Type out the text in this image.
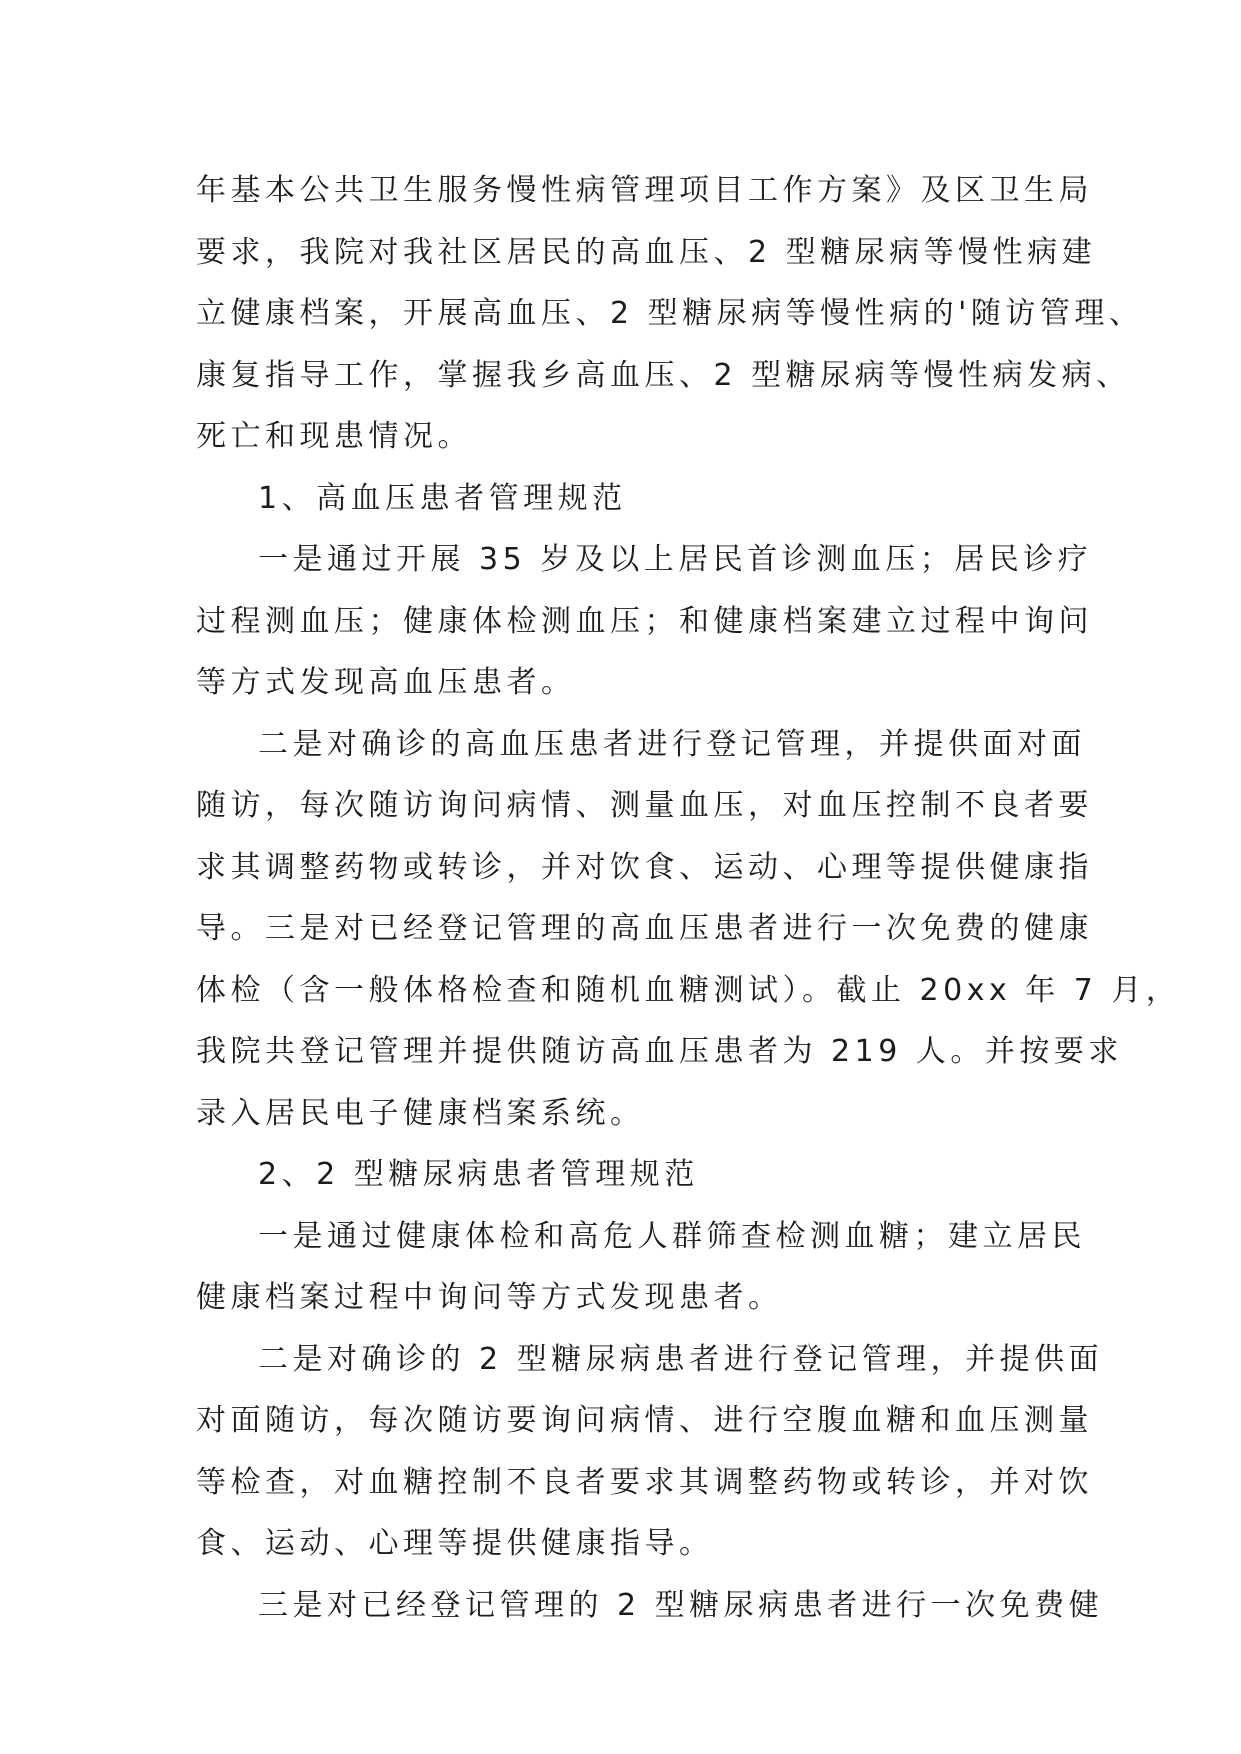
年基本公共卫生服务慢性病管理项目工作方案》及区卫生局
要求，我院对我社区居民的高血压、2 型糖尿病等慢性病建
立健康档案，开展高血压、2 型糖尿病等慢性病的'随访管理、
康复指导工作，掌握我乡高血压、2 型糖尿病等慢性病发病、
死亡和现患情况。
1、高血压患者管理规范
一是通过开展 35 岁及以上居民首诊测血压；居民诊疗
过程测血压；健康体检测血压；和健康档案建立过程中询问
等方式发现高血压患者。
二是对确诊的高血压患者进行登记管理，并提供面对面
随访，每次随访询问病情、测量血压，对血压控制不良者要
求其调整药物或转诊，并对饮食、运动、心理等提供健康指
导。三是对已经登记管理的高血压患者进行一次免费的健康
体检（含一般体格检查和随机血糖测试）。截止 20xx 年 7 月，
我院共登记管理并提供随访高血压患者为 219 人。并按要求
录入居民电子健康档案系统。
2、2 型糖尿病患者管理规范
一是通过健康体检和高危人群筛查检测血糖；建立居民
健康档案过程中询问等方式发现患者。
二是对确诊的 2 型糖尿病患者进行登记管理，并提供面
对面随访，每次随访要询问病情、进行空腹血糖和血压测量
等检查，对血糖控制不良者要求其调整药物或转诊，并对饮
食、运动、心理等提供健康指导。
三是对已经登记管理的 2 型糖尿病患者进行一次免费健
